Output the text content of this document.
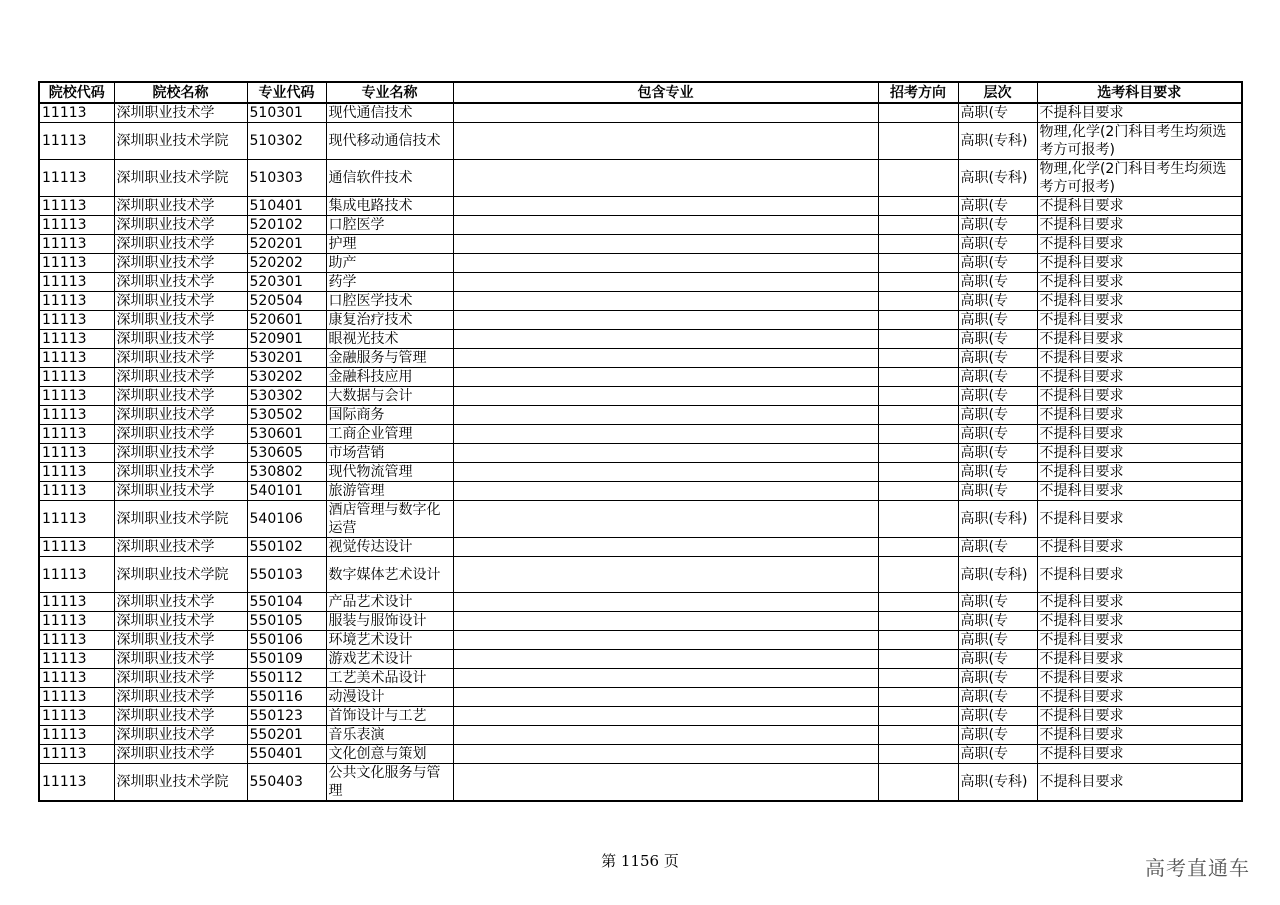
院校代码	院校名称	专业代码	专业名称	包含专业	招考方向	层次	选考科目要求
11113	深圳职业技术学	510301	现代通信技术			高职(专	不提科目要求
11113	深圳职业技术学院	510302	现代移动通信技术			高职(专科)	物理,化学(2门科目考生均须选考方可报考)
11113	深圳职业技术学院	510303	通信软件技术			高职(专科)	物理,化学(2门科目考生均须选考方可报考)
11113	深圳职业技术学	510401	集成电路技术			高职(专	不提科目要求
11113	深圳职业技术学	520102	口腔医学			高职(专	不提科目要求
11113	深圳职业技术学	520201	护理			高职(专	不提科目要求
11113	深圳职业技术学	520202	助产			高职(专	不提科目要求
11113	深圳职业技术学	520301	药学			高职(专	不提科目要求
11113	深圳职业技术学	520504	口腔医学技术			高职(专	不提科目要求
11113	深圳职业技术学	520601	康复治疗技术			高职(专	不提科目要求
11113	深圳职业技术学	520901	眼视光技术			高职(专	不提科目要求
11113	深圳职业技术学	530201	金融服务与管理			高职(专	不提科目要求
11113	深圳职业技术学	530202	金融科技应用			高职(专	不提科目要求
11113	深圳职业技术学	530302	大数据与会计			高职(专	不提科目要求
11113	深圳职业技术学	530502	国际商务			高职(专	不提科目要求
11113	深圳职业技术学	530601	工商企业管理			高职(专	不提科目要求
11113	深圳职业技术学	530605	市场营销			高职(专	不提科目要求
11113	深圳职业技术学	530802	现代物流管理			高职(专	不提科目要求
11113	深圳职业技术学	540101	旅游管理			高职(专	不提科目要求
11113	深圳职业技术学院	540106	酒店管理与数字化运营			高职(专科)	不提科目要求
11113	深圳职业技术学	550102	视觉传达设计			高职(专	不提科目要求
11113	深圳职业技术学院	550103	数字媒体艺术设计			高职(专科)	不提科目要求
11113	深圳职业技术学	550104	产品艺术设计			高职(专	不提科目要求
11113	深圳职业技术学	550105	服装与服饰设计			高职(专	不提科目要求
11113	深圳职业技术学	550106	环境艺术设计			高职(专	不提科目要求
11113	深圳职业技术学	550109	游戏艺术设计			高职(专	不提科目要求
11113	深圳职业技术学	550112	工艺美术品设计			高职(专	不提科目要求
11113	深圳职业技术学	550116	动漫设计			高职(专	不提科目要求
11113	深圳职业技术学	550123	首饰设计与工艺			高职(专	不提科目要求
11113	深圳职业技术学	550201	音乐表演			高职(专	不提科目要求
11113	深圳职业技术学	550401	文化创意与策划			高职(专	不提科目要求
11113	深圳职业技术学院	550403	公共文化服务与管理			高职(专科)	不提科目要求
第 1156 页	高考直通车
